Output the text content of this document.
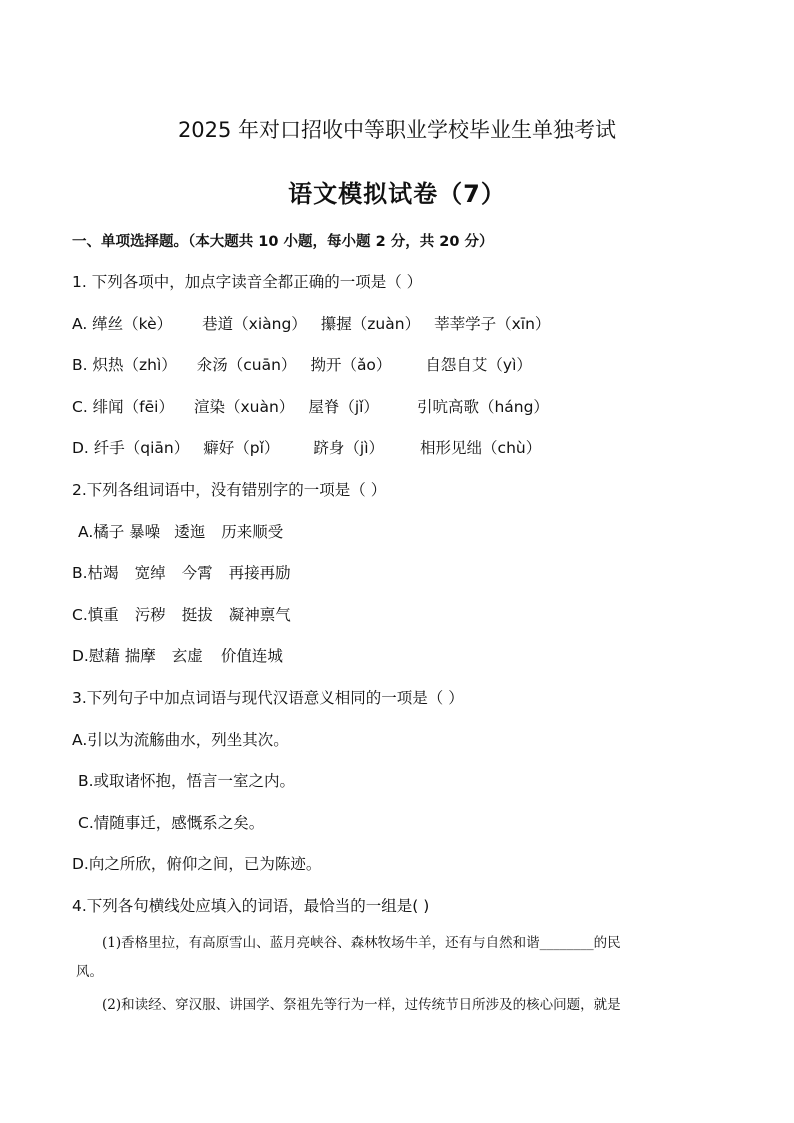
2025 年对口招收中等职业学校毕业生单独考试
语文模拟试卷（7）
一、单项选择题。（本大题共 10 小题，每小题 2 分，共 20 分）
1. 下列各项中，加点字读音全都正确的一项是（ ）
A. 缂丝（kè） 巷道（xiàng） 攥握（zuàn） 莘莘学子（xīn）
B. 炽热（zhì） 氽汤（cuān） 拗开（ǎo） 自怨自艾（yì）
C. 绯闻（fēi） 渲染（xuàn） 屋脊（jǐ） 引吭高歌（háng）
D. 纤手（qiān） 癖好（pǐ） 跻身（jì） 相形见绌（chù）
2.下列各组词语中，没有错别字的一项是（ ）
A.橘子 暴噪 逶迤 历来顺受
B.枯竭 宽绰 今霄 再接再励
C.慎重 污秽 挺拔 凝神禀气
D.慰藉 揣摩 玄虚 价值连城
3.下列句子中加点词语与现代汉语意义相同的一项是（ ）
A.引以为流觞曲水，列坐其次。
B.或取诸怀抱，悟言一室之内。
C.情随事迁，感慨系之矣。
D.向之所欣，俯仰之间，已为陈迹。
4.下列各句横线处应填入的词语，最恰当的一组是( )
(1)香格里拉，有高原雪山、蓝月亮峡谷、森林牧场牛羊，还有与自然和谐________的民
风。
(2)和读经、穿汉服、讲国学、祭祖先等行为一样，过传统节日所涉及的核心问题，就是
